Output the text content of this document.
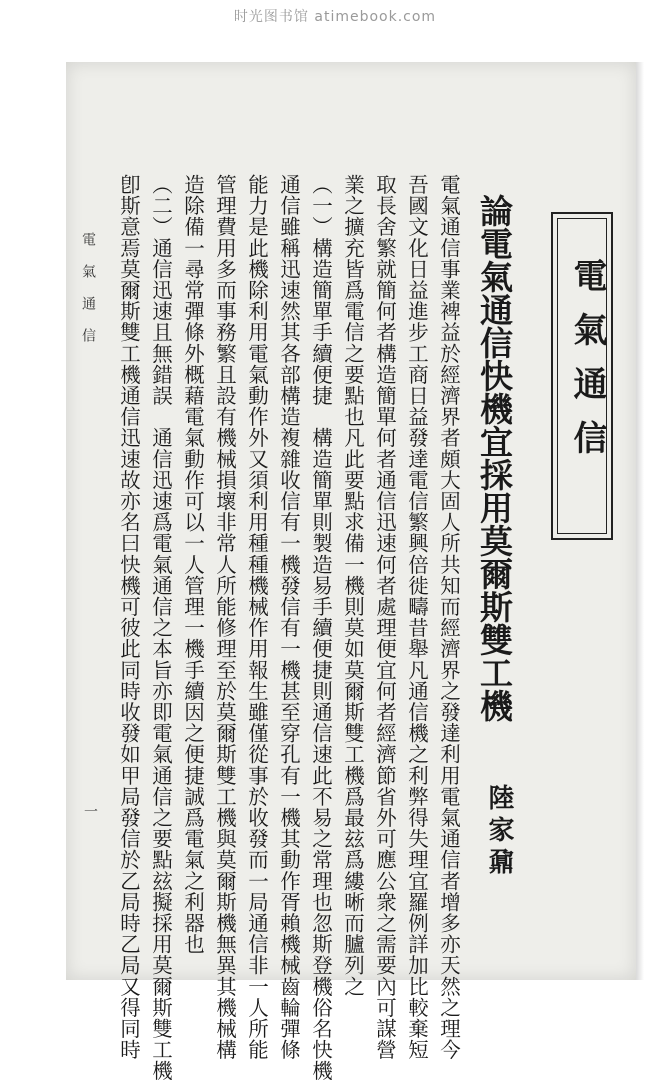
时光图书馆 atimebook.com
電氣通信
論電氣通信快機宜採用莫爾斯雙工機
陸家鼐
電氣通信事業裨益於經濟界者頗大固人所共知而經濟界之發達利用電氣通信者增多亦天然之理今
吾國文化日益進步工商日益發達電信繁興倍徙疇昔舉凡通信機之利弊得失理宜羅例詳加比較棄短
取長舍繁就簡何者構造簡單何者通信迅速何者處理便宜何者經濟節省外可應公衆之需要內可謀營
業之擴充皆爲電信之要點也凡此要點求備一機則莫如莫爾斯雙工機爲最玆爲縷晰而臚列之
（一）構造簡單手續便捷　構造簡單則製造易手續便捷則通信速此不易之常理也忽斯登機俗名快機
通信雖稱迅速然其各部構造複雜收信有一機發信有一機甚至穿孔有一機其動作胥賴機械齒輪彈條
能力是此機除利用電氣動作外又須利用種種機械作用報生雖僅從事於收發而一局通信非一人所能
管理費用多而事務繁且設有機械損壞非常人所能修理至於莫爾斯雙工機與莫爾斯機無異其機械構
造除備一尋常彈條外概藉電氣動作可以一人管理一機手續因之便捷誠爲電氣之利器也
（二）通信迅速且無錯誤　通信迅速爲電氣通信之本旨亦即電氣通信之要點玆擬採用莫爾斯雙工機
卽斯意焉莫爾斯雙工機通信迅速故亦名曰快機可彼此同時收發如甲局發信於乙局時乙局又得同時
電氣通信
一
